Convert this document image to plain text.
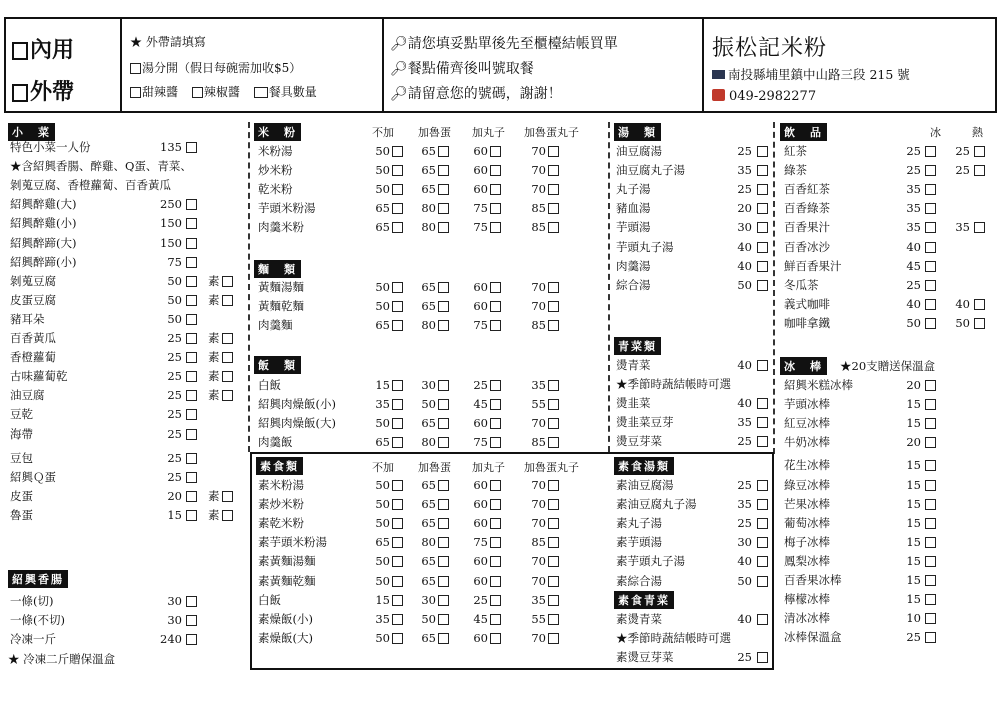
內用
外帶
★ 外帶請填寫
湯分開（假日每碗需加收$5）
甜辣醬 辣椒醬 餐具數量
🔎︎請您填妥點單後先至櫃檯結帳買單
🔎︎餐點備齊後叫號取餐
🔎︎請留意您的號碼，謝謝！
振松記米粉
南投縣埔里鎮中山路三段 215 號
049-2982277
小　菜
特色小菜一人份	135
★含紹興香腸、醉雞、Q蛋、青菜、
剝蒐豆腐、香橙蘿蔔、百香黃瓜
紹興醉雞(大)	250
紹興醉雞(小)	150
紹興醉蹄(大)	150
紹興醉蹄(小)	75
剝蒐豆腐	50 素
皮蛋豆腐	50 素
豬耳朵	50
百香黃瓜	25 素
香橙蘿蔔	25 素
古味蘿蔔乾	25 素
油豆腐	25 素
豆乾	25
海帶	25
豆包	25
紹興Ｑ蛋	25
皮蛋	20 素
魯蛋	15 素
紹興香腸
一條(切)	30
一條(不切)	30
冷凍一斤	240
★ 冷凍二斤贈保溫盒
米　粉	不加 加魯蛋 加丸子 加魯蛋丸子
米粉湯	50	65	60	70
炒米粉	50	65	60	70
乾米粉	50	65	60	70
芋頭米粉湯	65	80	75	85
肉羹米粉	65	80	75	85
麵　類
黃麵湯麵	50	65	60	70
黃麵乾麵	50	65	60	70
肉羹麵	65	80	75	85
飯　類
白飯	15	30	25	35
紹興肉燥飯(小)	35	50	45	55
紹興肉燥飯(大)	50	65	60	70
肉羹飯	65	80	75	85
素食類	不加 加魯蛋 加丸子 加魯蛋丸子
素米粉湯	50	65	60	70
素炒米粉	50	65	60	70
素乾米粉	50	65	60	70
素芋頭米粉湯	65	80	75	85
素黃麵湯麵	50	65	60	70
素黃麵乾麵	50	65	60	70
白飯	15	30	25	35
素燥飯(小)	35	50	45	55
素燥飯(大)	50	65	60	70
湯　類
油豆腐湯	25
油豆腐丸子湯	35
丸子湯	25
豬血湯	20
芋頭湯	30
芋頭丸子湯	40
肉羹湯	40
綜合湯	50
青菜類
燙青菜	40
★季節時蔬結帳時可選
燙韭菜	40
燙韭菜豆芽	35
燙豆芽菜	25
素食湯類
素油豆腐湯	25
素油豆腐丸子湯	35
素丸子湯	25
素芋頭湯	30
素芋頭丸子湯	40
素綜合湯	50
素食青菜
素燙青菜	40
★季節時蔬結帳時可選
素燙豆芽菜	25
飲　品	冰	熱
紅茶	25	25
綠茶	25	25
百香紅茶	35
百香綠茶	35
百香果汁	35	35
百香冰沙	40
鮮百香果汁	45
冬瓜茶	25
義式咖啡	40	40
咖啡拿鐵	50	50
冰　棒	★20支贈送保溫盒
紹興米糕冰棒	20
芋頭冰棒	15
紅豆冰棒	15
牛奶冰棒	20
花生冰棒	15
綠豆冰棒	15
芒果冰棒	15
葡萄冰棒	15
梅子冰棒	15
鳳梨冰棒	15
百香果冰棒	15
檸檬冰棒	15
清冰冰棒	10
冰棒保溫盒	25
